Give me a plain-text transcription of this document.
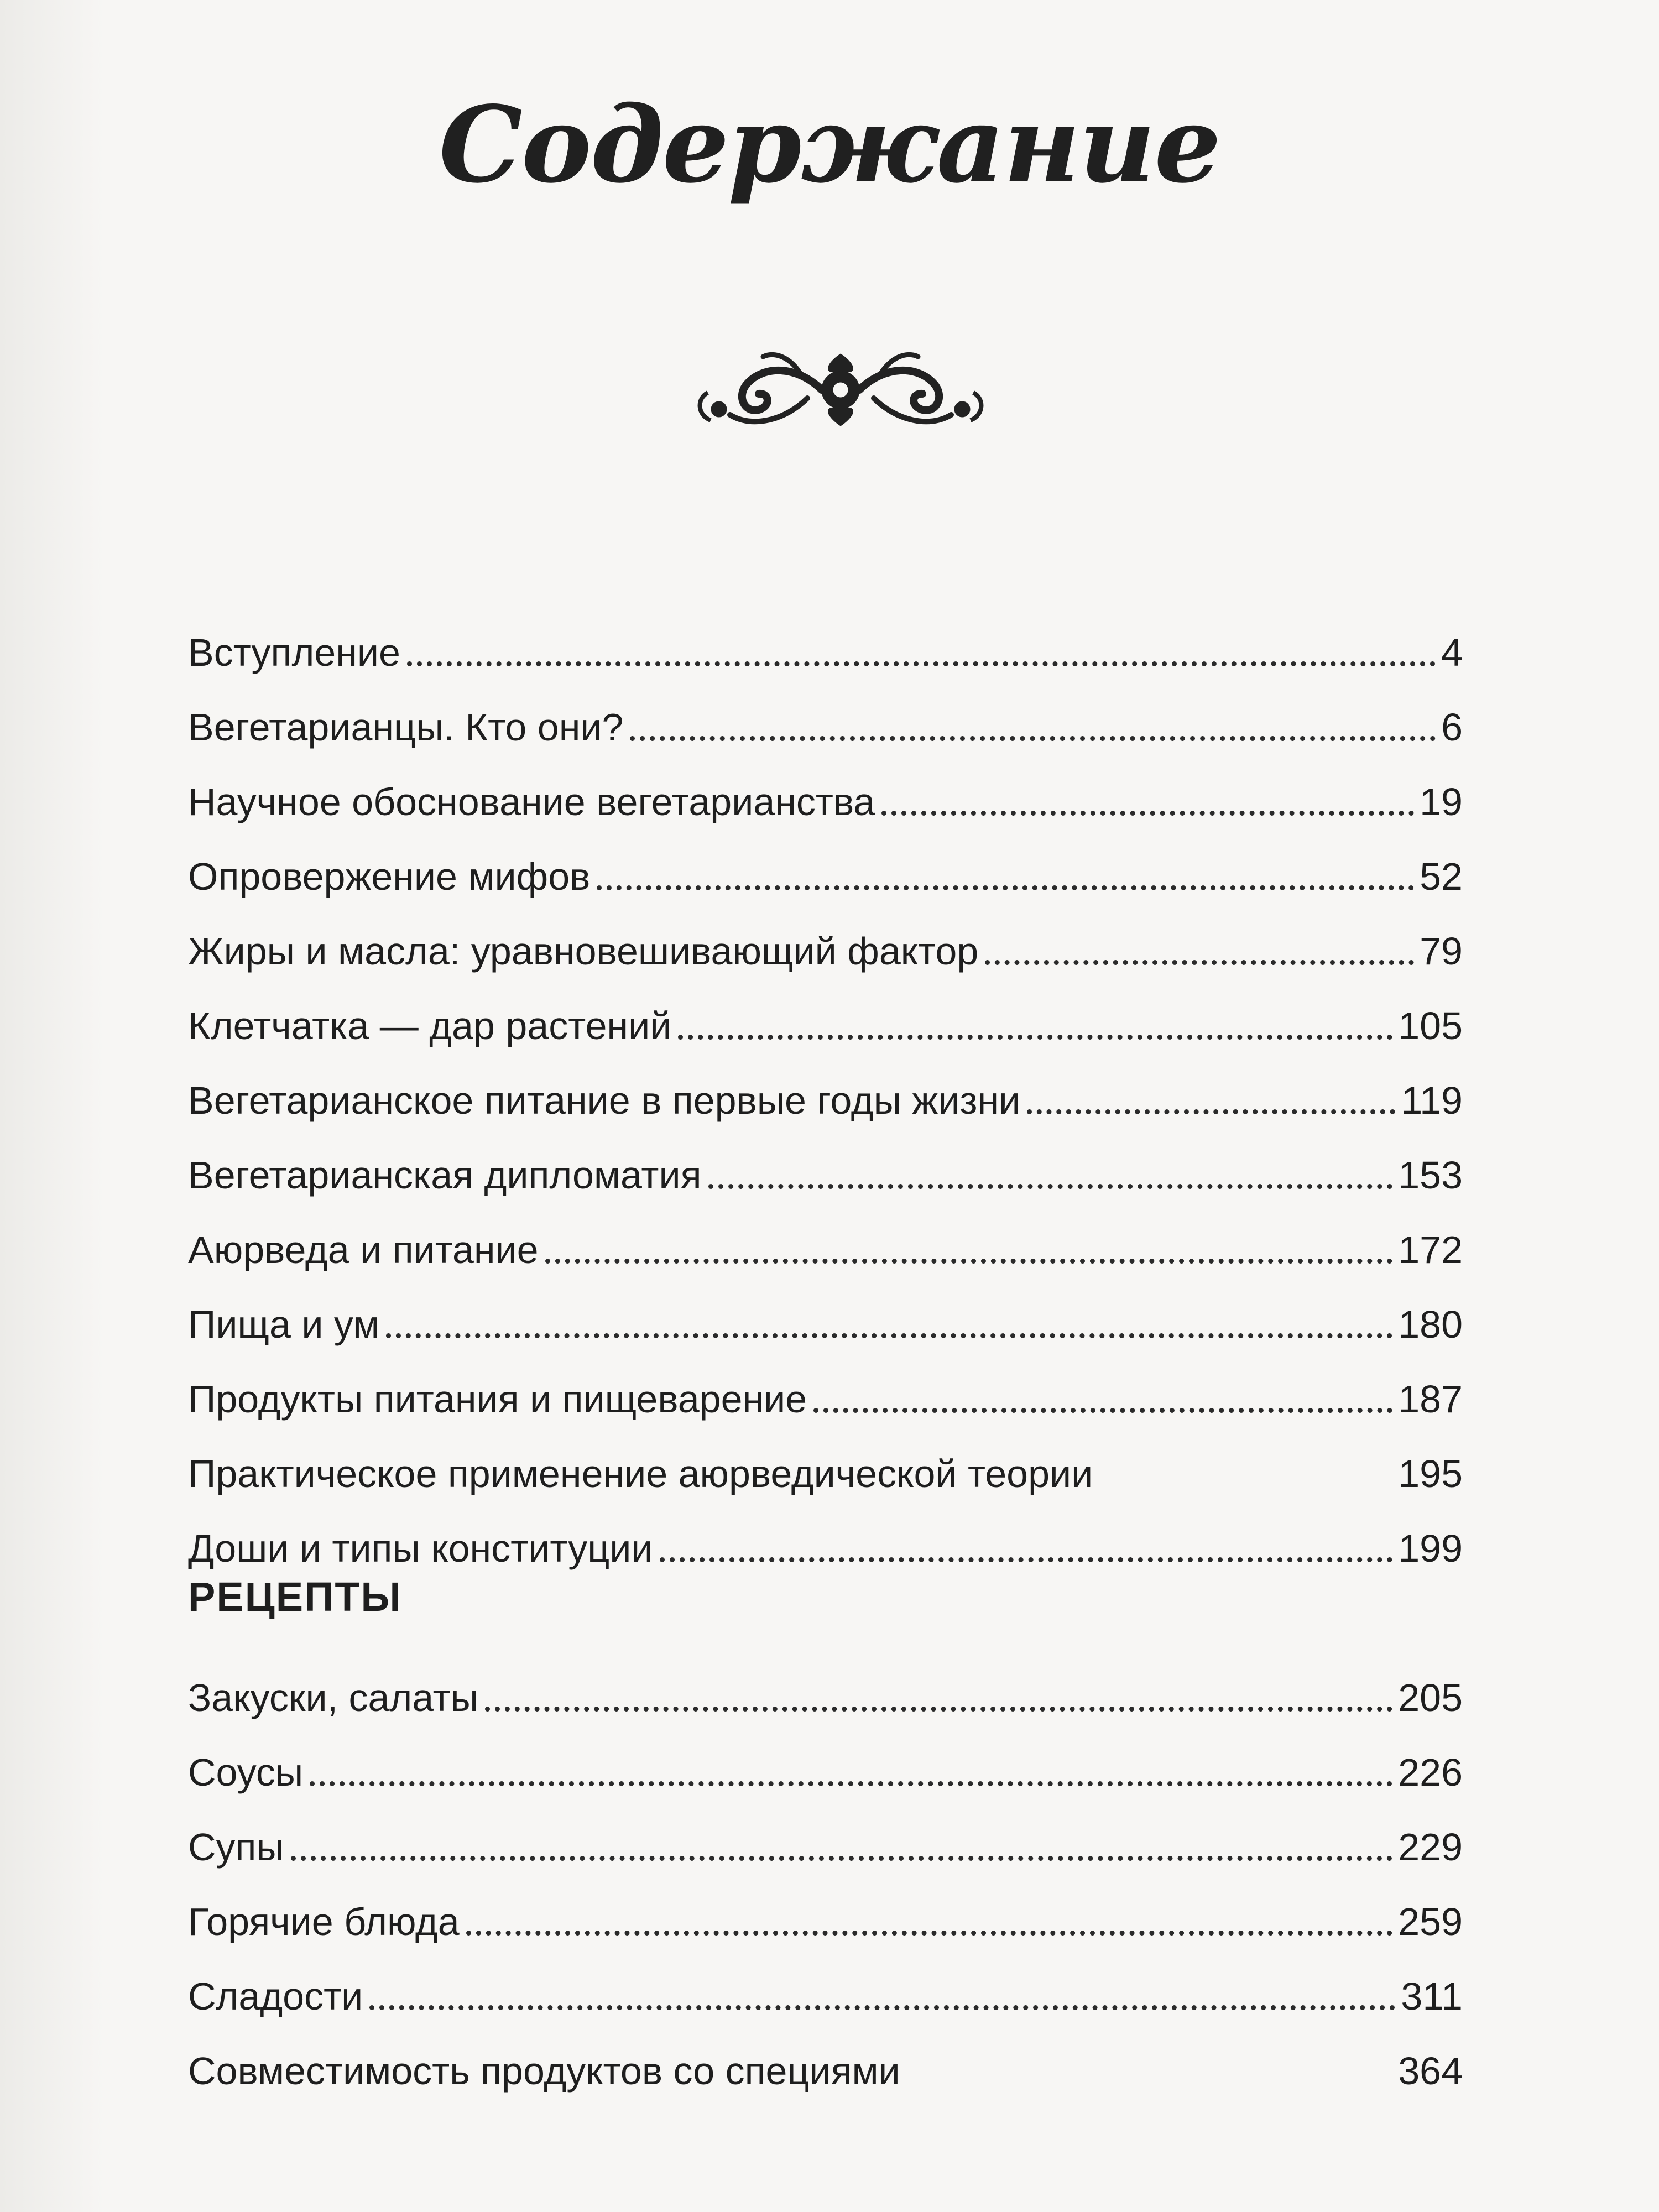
Содержание
Вступление	4
Вегетарианцы. Кто они?	6
Научное обоснование вегетарианства	19
Опровержение мифов	52
Жиры и масла: уравновешивающий фактор	79
Клетчатка — дар растений	105
Вегетарианское питание в первые годы жизни	119
Вегетарианская дипломатия	153
Аюрведа и питание	172
Пища и ум	180
Продукты питания и пищеварение	187
Практическое применение аюрведической теории	195
Доши и типы конституции	199
РЕЦЕПТЫ
Закуски, салаты	205
Соусы	226
Супы	229
Горячие блюда	259
Сладости	311
Совместимость продуктов со специями	364
